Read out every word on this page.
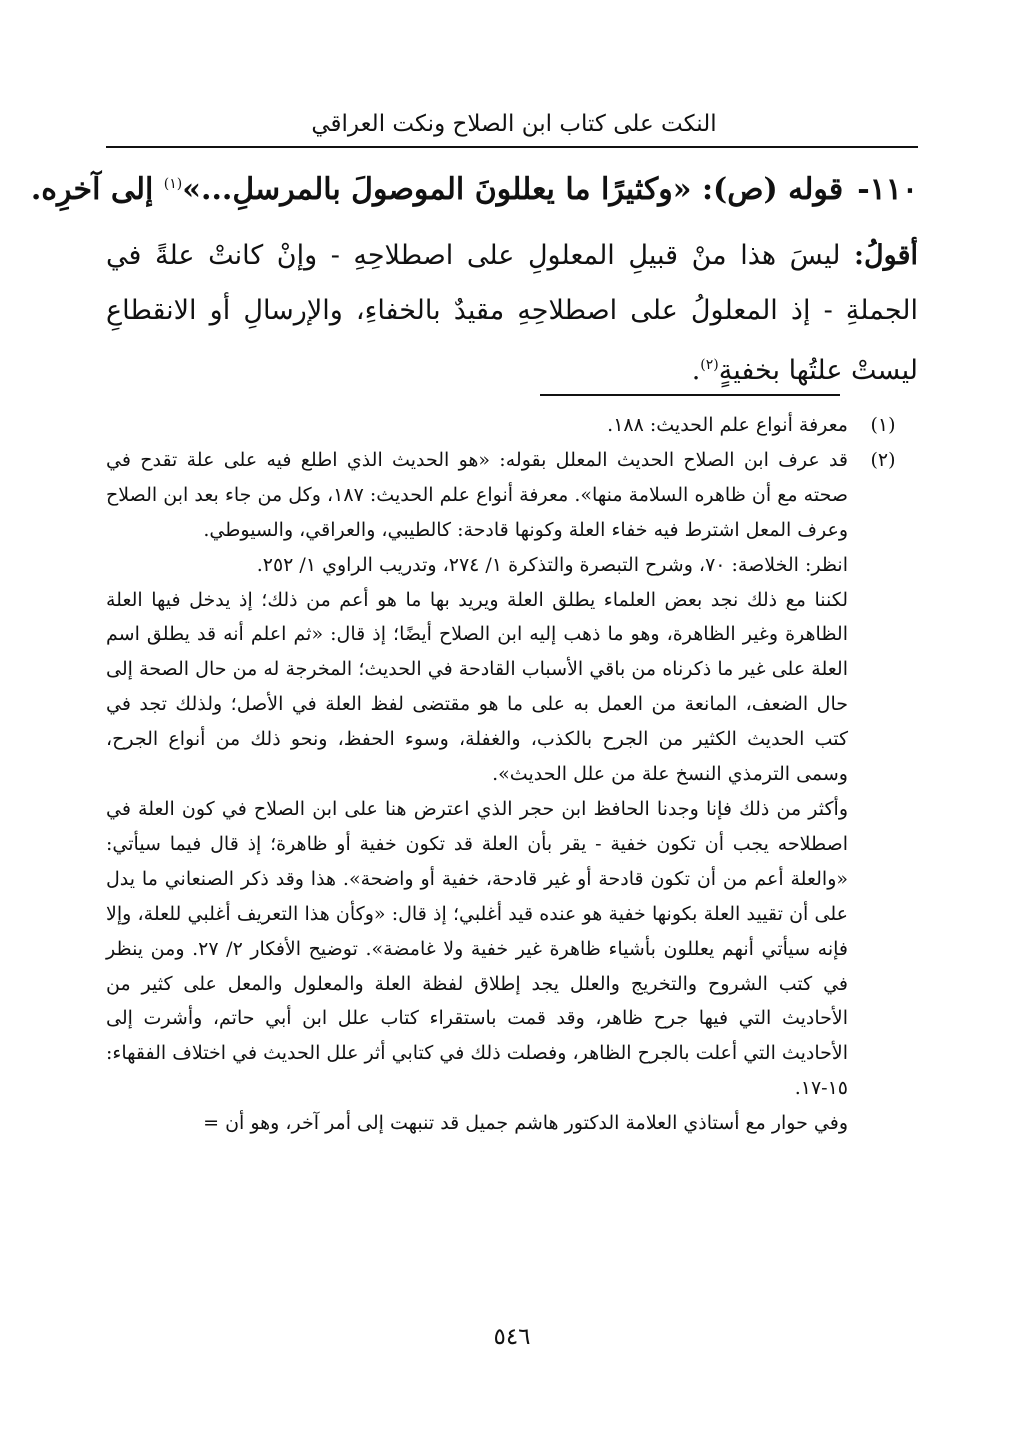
النكت على كتاب ابن الصلاح ونكت العراقي
١١٠-قوله (ص): «وكثيرًا ما يعللونَ الموصولَ بالمرسلِ...»$^{(١)}$ إلى آخرِه.
أقولُ: ليسَ هذا منْ قبيلِ المعلولِ على اصطلاحِهِ - وإنْ كانتْ علةً في الجملةِ - إذ المعلولُ على اصطلاحِهِ مقيدٌ بالخفاءِ، والإرسالِ أو الانقطاعِ ليستْ علتُها بخفيةٍ$^{(٢)}$.
(١)

معرفة أنواع علم الحديث: ١٨٨.

(٢)

قد عرف ابن الصلاح الحديث المعلل بقوله: «هو الحديث الذي اطلع فيه على علة تقدح في صحته مع أن ظاهره السلامة منها». معرفة أنواع علم الحديث: ١٨٧، وكل من جاء بعد ابن الصلاح وعرف المعل اشترط فيه خفاء العلة وكونها قادحة: كالطيبي، والعراقي، والسيوطي.

انظر: الخلاصة: ٧٠، وشرح التبصرة والتذكرة ١/ ٢٧٤، وتدريب الراوي ١/ ٢٥٢.

لكننا مع ذلك نجد بعض العلماء يطلق العلة ويريد بها ما هو أعم من ذلك؛ إذ يدخل فيها العلة الظاهرة وغير الظاهرة، وهو ما ذهب إليه ابن الصلاح أيضًا؛ إذ قال: «ثم اعلم أنه قد يطلق اسم العلة على غير ما ذكرناه من باقي الأسباب القادحة في الحديث؛ المخرجة له من حال الصحة إلى حال الضعف، المانعة من العمل به على ما هو مقتضى لفظ العلة في الأصل؛ ولذلك تجد في كتب الحديث الكثير من الجرح بالكذب، والغفلة، وسوء الحفظ، ونحو ذلك من أنواع الجرح، وسمى الترمذي النسخ علة من علل الحديث».

وأكثر من ذلك فإنا وجدنا الحافظ ابن حجر الذي اعترض هنا على ابن الصلاح في كون العلة في اصطلاحه يجب أن تكون خفية - يقر بأن العلة قد تكون خفية أو ظاهرة؛ إذ قال فيما سيأتي: «والعلة أعم من أن تكون قادحة أو غير قادحة، خفية أو واضحة». هذا وقد ذكر الصنعاني ما يدل على أن تقييد العلة بكونها خفية هو عنده قيد أغلبي؛ إذ قال: «وكأن هذا التعريف أغلبي للعلة، وإلا فإنه سيأتي أنهم يعللون بأشياء ظاهرة غير خفية ولا غامضة». توضيح الأفكار ٢/ ٢٧. ومن ينظر في كتب الشروح والتخريج والعلل يجد إطلاق لفظة العلة والمعلول والمعل على كثير من الأحاديث التي فيها جرح ظاهر، وقد قمت باستقراء كتاب علل ابن أبي حاتم، وأشرت إلى الأحاديث التي أعلت بالجرح الظاهر، وفصلت ذلك في كتابي أثر علل الحديث في اختلاف الفقهاء: ١٥-١٧.

وفي حوار مع أستاذي العلامة الدكتور هاشم جميل قد تنبهت إلى أمر آخر، وهو أن =

٥٤٦
